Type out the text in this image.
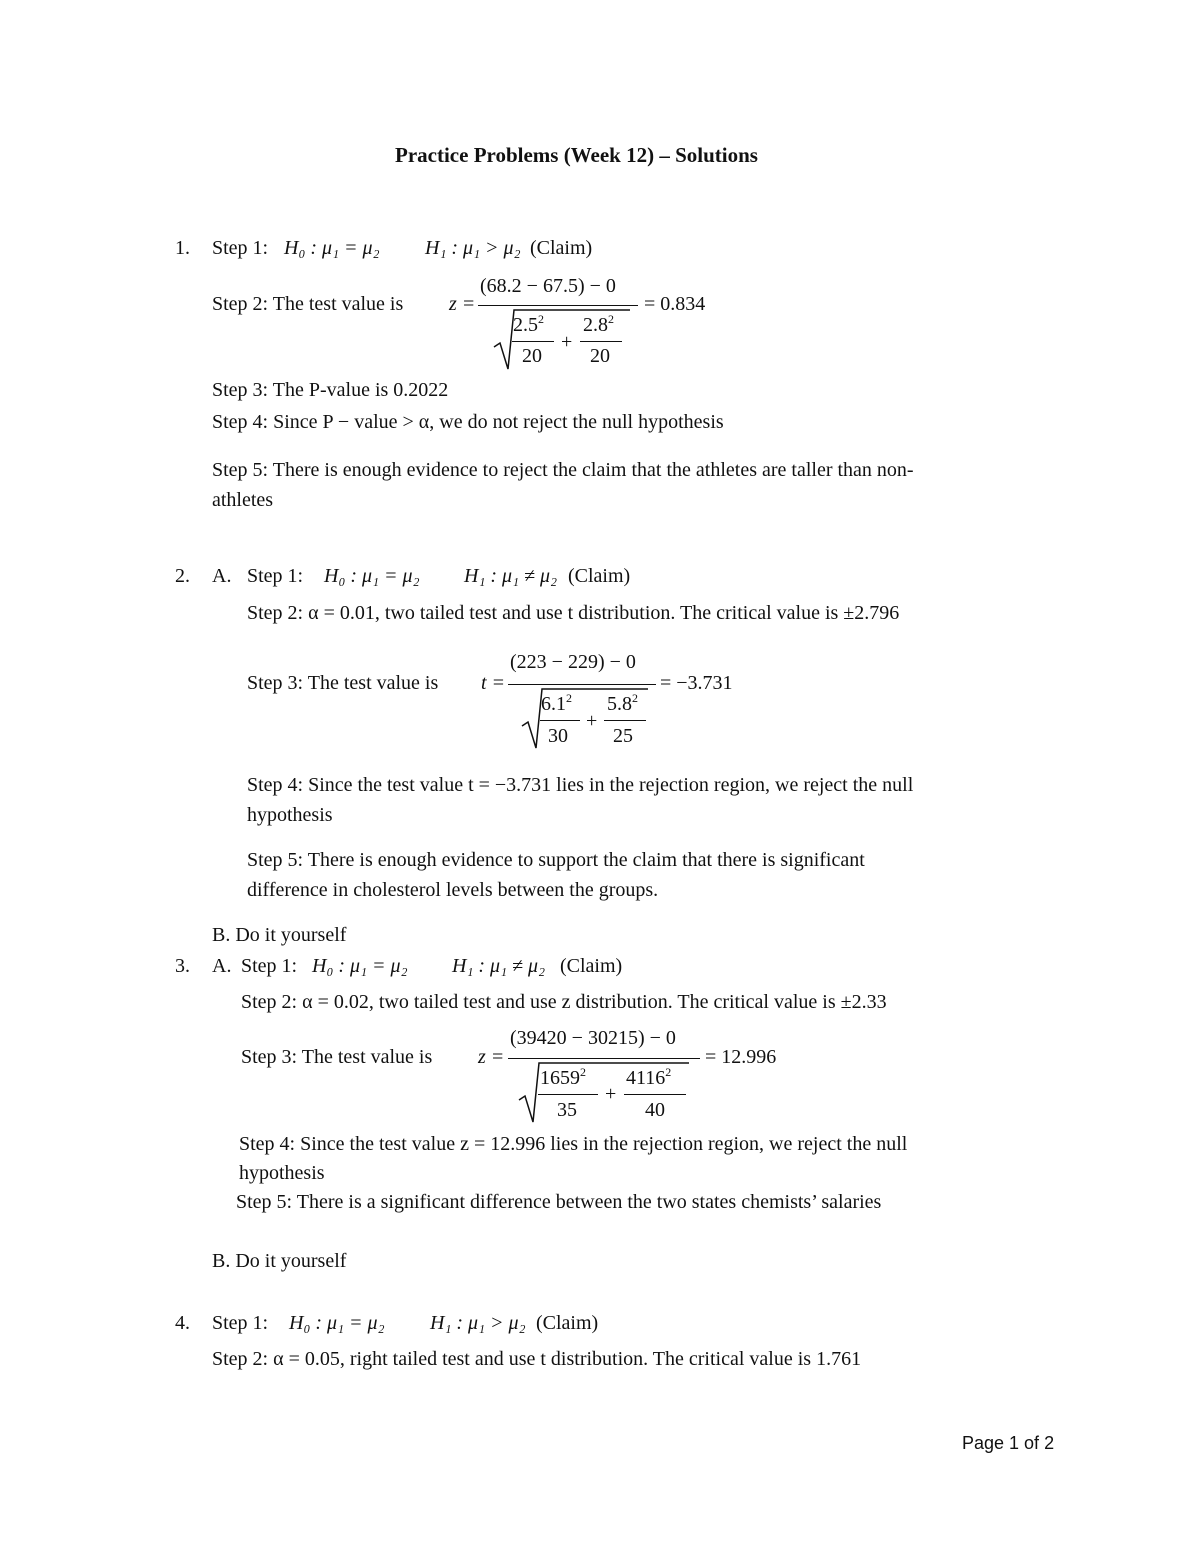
Practice Problems (Week 12) – Solutions
1. Step 1: H₀ : μ₁ = μ₂ H₁ : μ₁ > μ₂ (Claim)
Step 2: The test value is z =
(68.2 − 67.5) − 0
$2.5^2$
20
+
$2.8^2$
20
= 0.834
Step 3: The P-value is 0.2022
Step 4: Since P − value > α, we do not reject the null hypothesis
Step 5: There is enough evidence to reject the claim that the athletes are taller than non-
athletes
2. A. Step 1: H₀ : μ₁ = μ₂ H₁ : μ₁ ≠ μ₂ (Claim)
Step 2: α = 0.01, two tailed test and use t distribution. The critical value is ±2.796
Step 3: The test value is t =
(223 − 229) − 0
$6.1^2$
30
+
$5.8^2$
25
= −3.731
Step 4: Since the test value t = −3.731 lies in the rejection region, we reject the null
hypothesis
Step 5: There is enough evidence to support the claim that there is significant
difference in cholesterol levels between the groups.
B. Do it yourself
3. A. Step 1: H₀ : μ₁ = μ₂ H₁ : μ₁ ≠ μ₂ (Claim)
Step 2: α = 0.02, two tailed test and use z distribution. The critical value is ±2.33
Step 3: The test value is z =
(39420 − 30215) − 0
1659$^2$
35
+
$4116^2$
40
= 12.996
Step 4: Since the test value z = 12.996 lies in the rejection region, we reject the null
hypothesis
Step 5: There is a significant difference between the two states chemists’ salaries
B. Do it yourself
4. Step 1: H₀ : μ₁ = μ₂ H₁ : μ₁ > μ₂ (Claim)
Step 2: α = 0.05, right tailed test and use t distribution. The critical value is 1.761
Page 1 of 2
